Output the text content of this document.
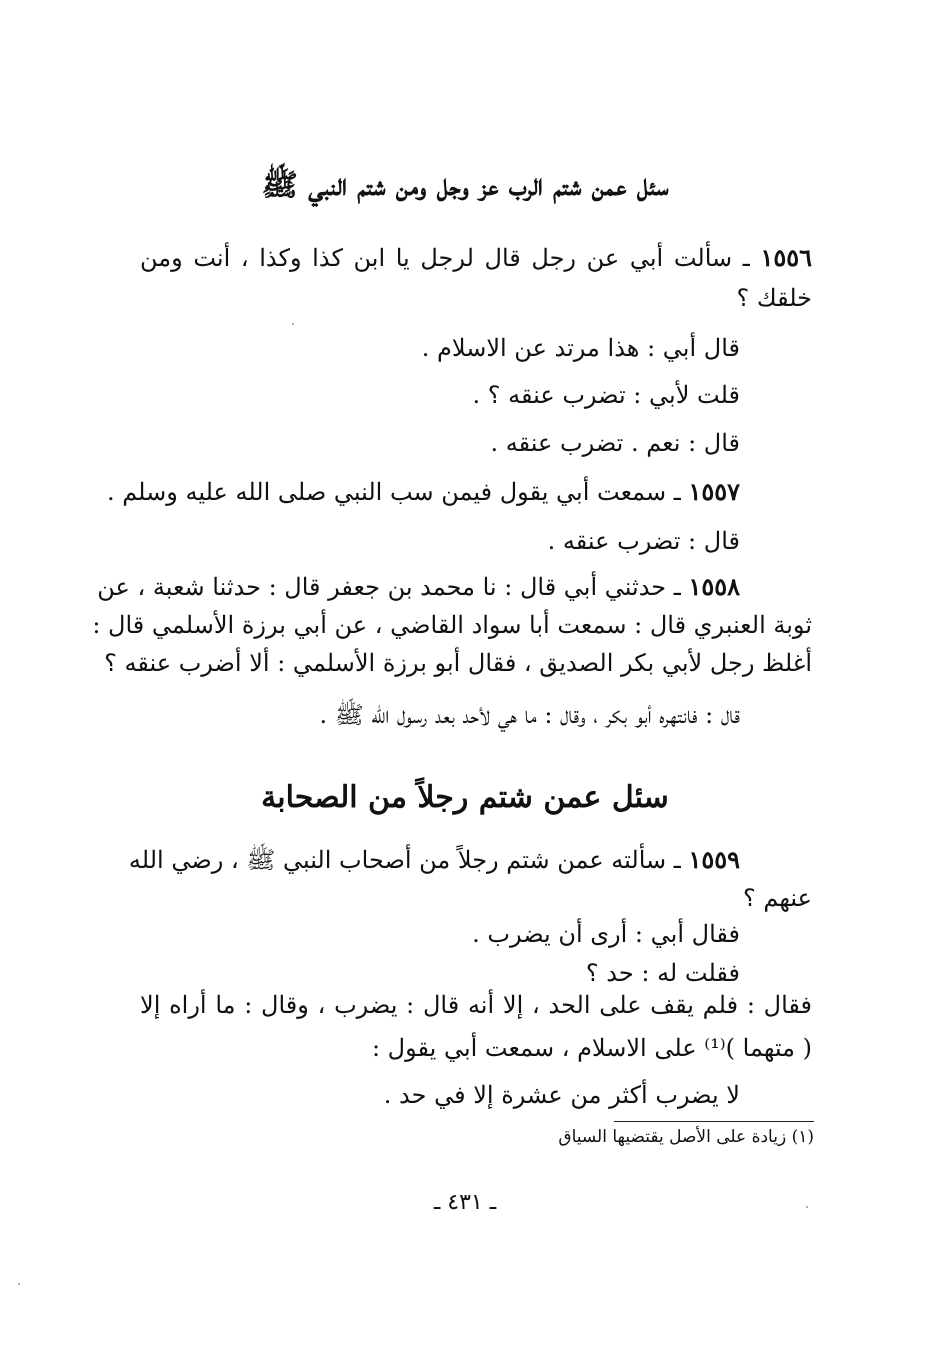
سئل عمن شتم الرب عز وجل ومن شتم النبي ﷺ
١٥٥٦ ـ سألت أبي عن رجل قال لرجل يا ابن كذا وكذا ، أنت ومن
خلقك ؟
قال أبي : هذا مرتد عن الاسلام .
قلت لأبي : تضرب عنقه ؟ .
قال : نعم . تضرب عنقه .
١٥٥٧ ـ سمعت أبي يقول فيمن سب النبي صلى الله عليه وسلم .
قال : تضرب عنقه .
١٥٥٨ ـ حدثني أبي قال : نا محمد بن جعفر قال : حدثنا شعبة ، عن
ثوبة العنبري قال : سمعت أبا سواد القاضي ، عن أبي برزة الأسلمي قال :
أغلظ رجل لأبي بكر الصديق ، فقال أبو برزة الأسلمي : ألا أضرب عنقه ؟
قال : فانتهره أبو بكر ، وقال : ما هي لأحد بعد رسول الله ﷺ .
سئل عمن شتم رجلاً من الصحابة
١٥٥٩ ـ سألته عمن شتم رجلاً من أصحاب النبي ﷺ ، رضي الله
عنهم ؟
فقال أبي : أرى أن يضرب .
فقلت له : حد ؟
فقال : فلم يقف على الحد ، إلا أنه قال : يضرب ، وقال : ما أراه إلا
( متهما )⁽¹⁾ على الاسلام ، سمعت أبي يقول :
لا يضرب أكثر من عشرة إلا في حد .
(١) زيادة على الأصل يقتضيها السياق
ـ ٤٣١ ـ
